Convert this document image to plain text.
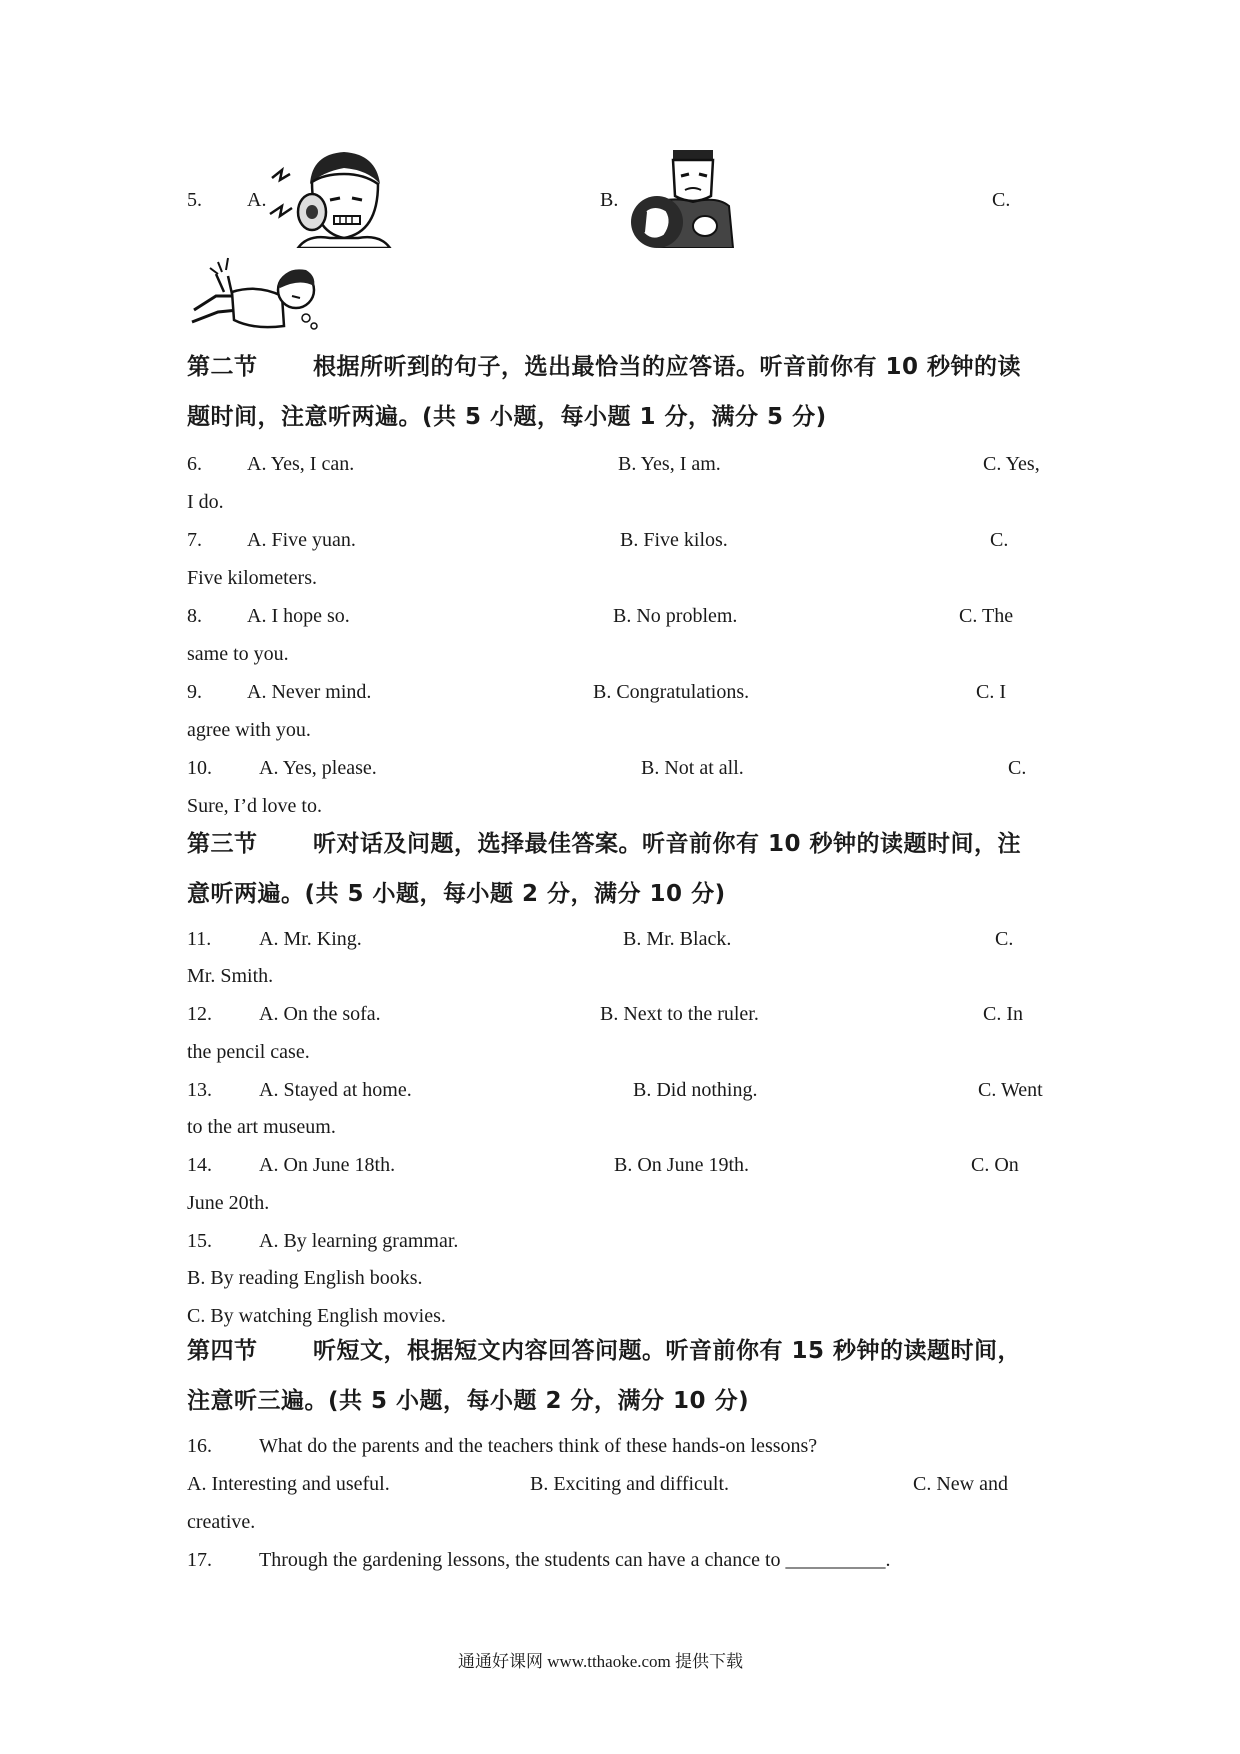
5. A.	B.	C.
第二节 根据所听到的句子，选出最恰当的应答语。听音前你有 10 秒钟的读
题时间，注意听两遍。(共 5 小题，每小题 1 分，满分 5 分)
6. A. Yes, I can.	B. Yes, I am.	C. Yes,
I do.
7. A. Five yuan.	B. Five kilos.	C.
Five kilometers.
8. A. I hope so.	B. No problem.	C. The
same to you.
9. A. Never mind.	B. Congratulations.	C. I
agree with you.
10. A. Yes, please.	B. Not at all.	C.
Sure, I’d love to.
第三节 听对话及问题，选择最佳答案。听音前你有 10 秒钟的读题时间，注
意听两遍。(共 5 小题，每小题 2 分，满分 10 分)
11. A. Mr. King.	B. Mr. Black.	C.
Mr. Smith.
12. A. On the sofa.	B. Next to the ruler.	C. In
the pencil case.
13. A. Stayed at home.	B. Did nothing.	C. Went
to the art museum.
14. A. On June 18th.	B. On June 19th.	C. On
June 20th.
15. A. By learning grammar.
B. By reading English books.
C. By watching English movies.
第四节 听短文，根据短文内容回答问题。听音前你有 15 秒钟的读题时间，
注意听三遍。(共 5 小题，每小题 2 分，满分 10 分)
16. What do the parents and the teachers think of these hands-on lessons?
A. Interesting and useful.	B. Exciting and difficult.	C. New and
creative.
17. Through the gardening lessons, the students can have a chance to __________.
通通好课网 www.tthaoke.com 提供下载
